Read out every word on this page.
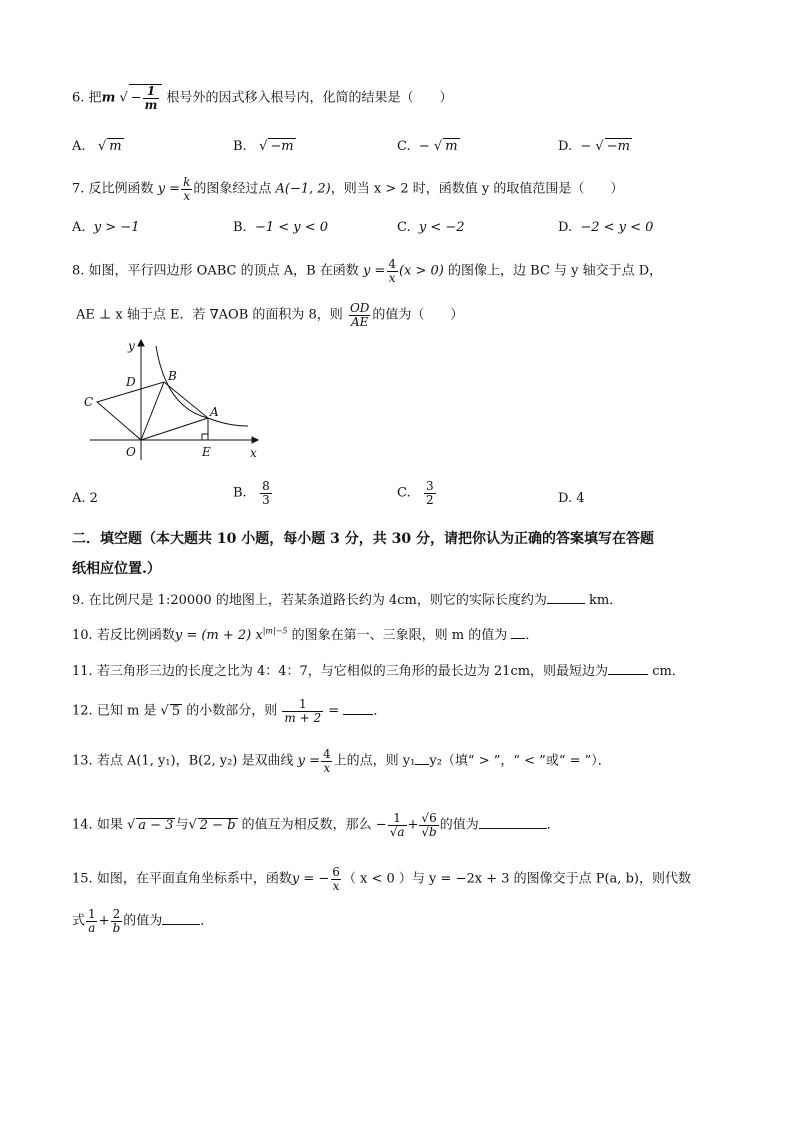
6. 把m √ − $\frac{1}{m}$ 根号外的因式移入根号内，化简的结果是（　　）
A. √ m	B. √ −m	C.  − √ m	D.  − √ −m
7. 反比例函数 $y = \frac{k}{x}$ 的图象经过点 A(−1, 2)，则当 x > 2 时，函数值 y 的取值范围是（　　）
A. y > −1	B. −1 < y < 0	C. y < −2	D. −2 < y < 0
8. 如图，平行四边形 OABC 的顶点 A，B 在函数 $y = \frac{4}{x} (x > 0)$ 的图像上，边 BC 与 y 轴交于点 D，
AE ⊥ x 轴于点 E．若 ∇AOB 的面积为 8，则 $\frac{OD}{AE}$ 的值为（　　）
y
x
O
A
B
C
D
E
A. 2	B. $\frac{8}{3}$	C. $\frac{3}{2}$	D. 4
二．填空题（本大题共 10 小题，每小题 3 分，共 30 分，请把你认为正确的答案填写在答题
纸相应位置.）
9. 在比例尺是 1:20000 的地图上，若某条道路长约为 4cm，则它的实际长度约为	km．
10. 若反比例函数y = (m + 2) $x^{|m|-5}$ 的图象在第一、三象限，则 m 的值为 ．
11. 若三角形三边的长度之比为 4：4：7，与它相似的三角形的最长边为 21cm，则最短边为	cm．
12. 已知 m 是 √ 5 的小数部分，则 $\frac{1}{m + 2}$ =	．
13. 若点 A(1, y₁)，B(2, y₂) 是双曲线 $y = \frac{4}{x}$ 上的点，则 y₁ y₂（填“ > ”，“ < ”或“ = ”）．
14. 如果 √ a − 3 与√ 2 − b 的值互为相反数，那么 − $\frac{1}{√a} + \frac{√6}{√b}$ 的值为	．
15. 如图，在平面直角坐标系中，函数y = − $\frac{6}{x}$ （ x < 0 ）与 y = −2x + 3 的图像交于点 P(a, b)，则代数
式 $\frac{1}{a} + \frac{2}{b}$ 的值为	．
